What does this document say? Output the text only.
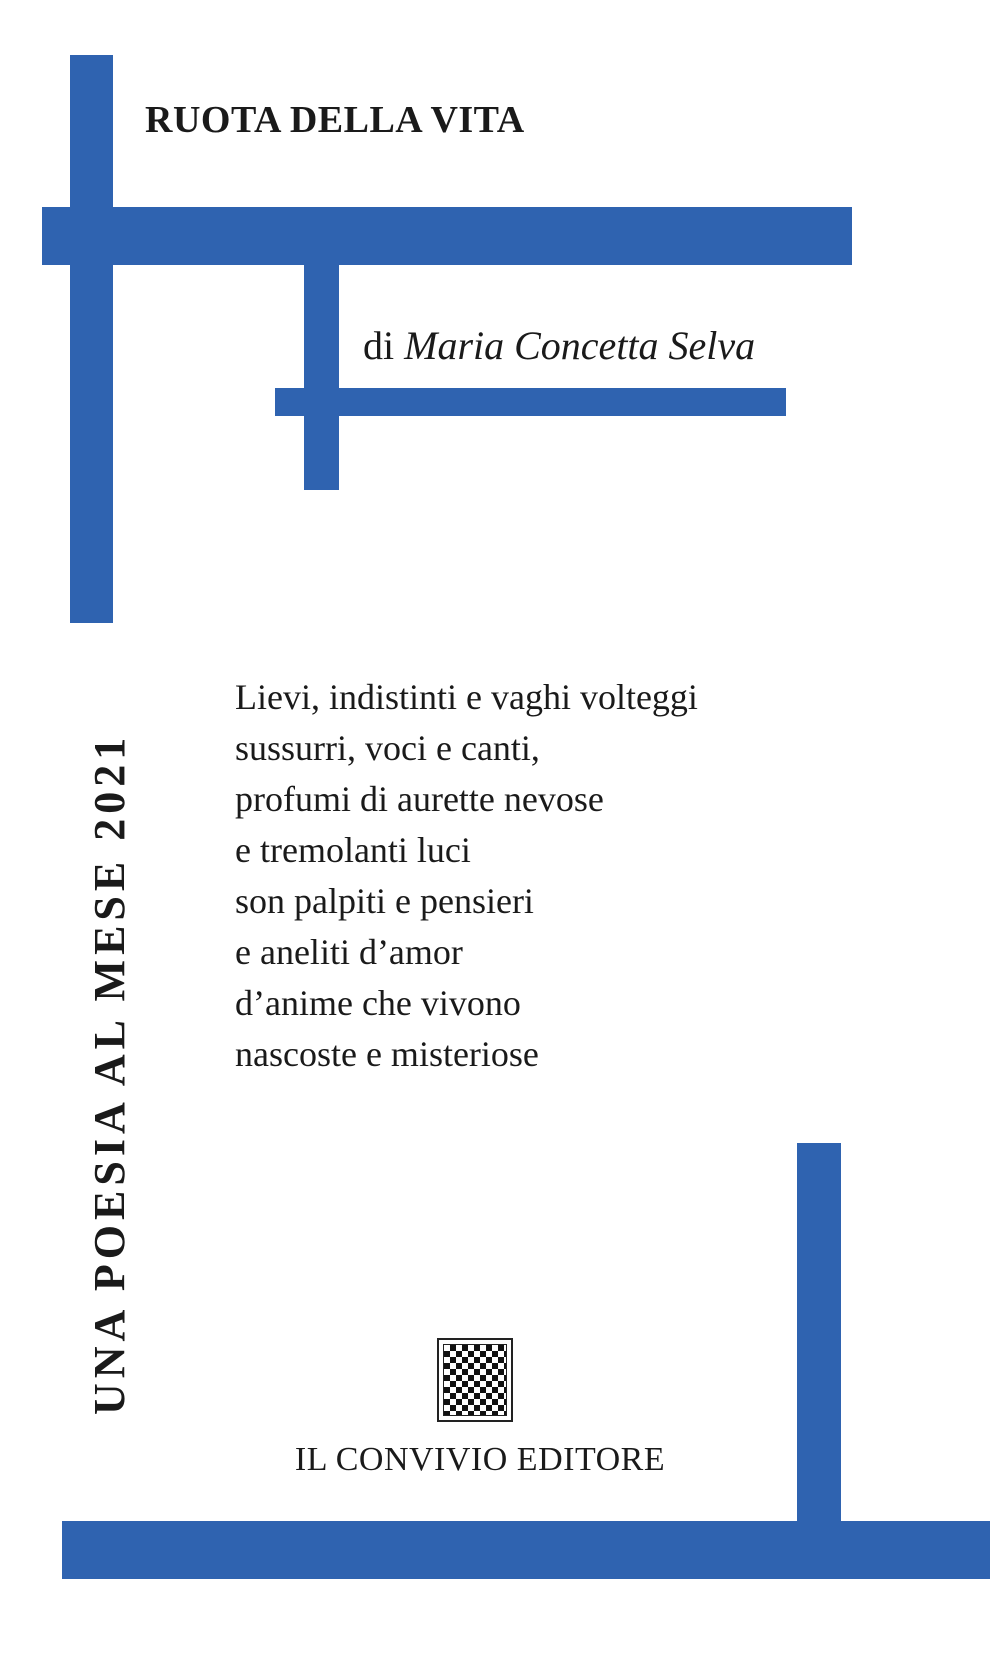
RUOTA DELLA VITA
di Maria Concetta Selva
UNA POESIA AL MESE 2021
Lievi, indistinti e vaghi volteggi
sussurri, voci e canti,
profumi di aurette nevose
e tremolanti luci
son palpiti e pensieri
e aneliti d’amor
d’anime che vivono
nascoste e misteriose
IL CONVIVIO EDITORE
